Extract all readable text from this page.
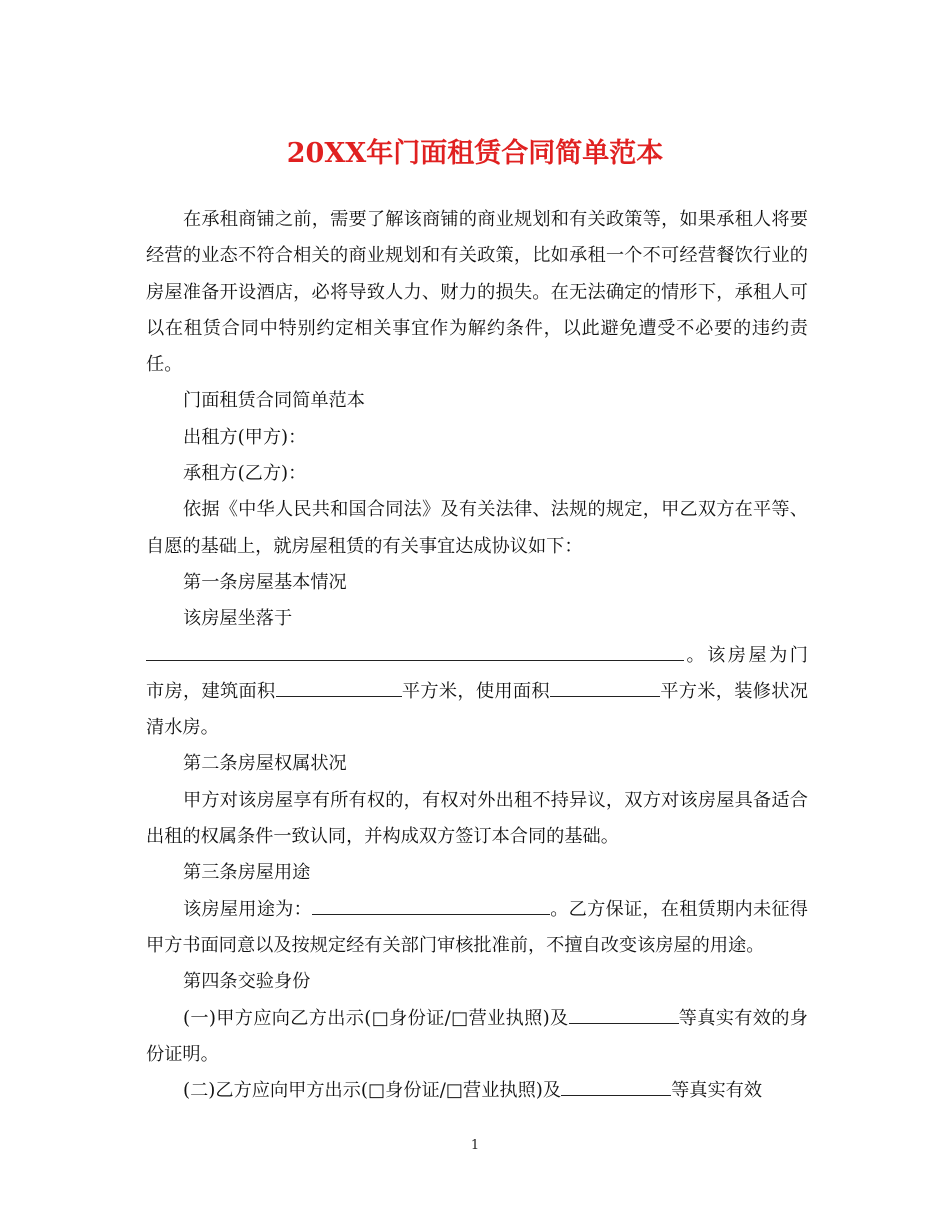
20XX年门面租赁合同简单范本

在承租商铺之前，需要了解该商铺的商业规划和有关政策等，如果承租人将要经营的业态不符合相关的商业规划和有关政策，比如承租一个不可经营餐饮行业的房屋准备开设酒店，必将导致人力、财力的损失。在无法确定的情形下，承租人可以在租赁合同中特别约定相关事宜作为解约条件，以此避免遭受不必要的违约责任。

门面租赁合同简单范本

出租方(甲方)：

承租方(乙方)：

依据《中华人民共和国合同法》及有关法律、法规的规定，甲乙双方在平等、自愿的基础上，就房屋租赁的有关事宜达成协议如下：

第一条房屋基本情况

该房屋坐落于

。该房屋为门市房，建筑面积	平方米，使用面积	平方米，装修状况清水房。

第二条房屋权属状况

甲方对该房屋享有所有权的，有权对外出租不持异议，双方对该房屋具备适合出租的权属条件一致认同，并构成双方签订本合同的基础。

第三条房屋用途

该房屋用途为：	。乙方保证，在租赁期内未征得甲方书面同意以及按规定经有关部门审核批准前，不擅自改变该房屋的用途。

第四条交验身份

(一)甲方应向乙方出示(□身份证/□营业执照)及	等真实有效的身份证明。

(二)乙方应向甲方出示(□身份证/□营业执照)及	等真实有效

1
